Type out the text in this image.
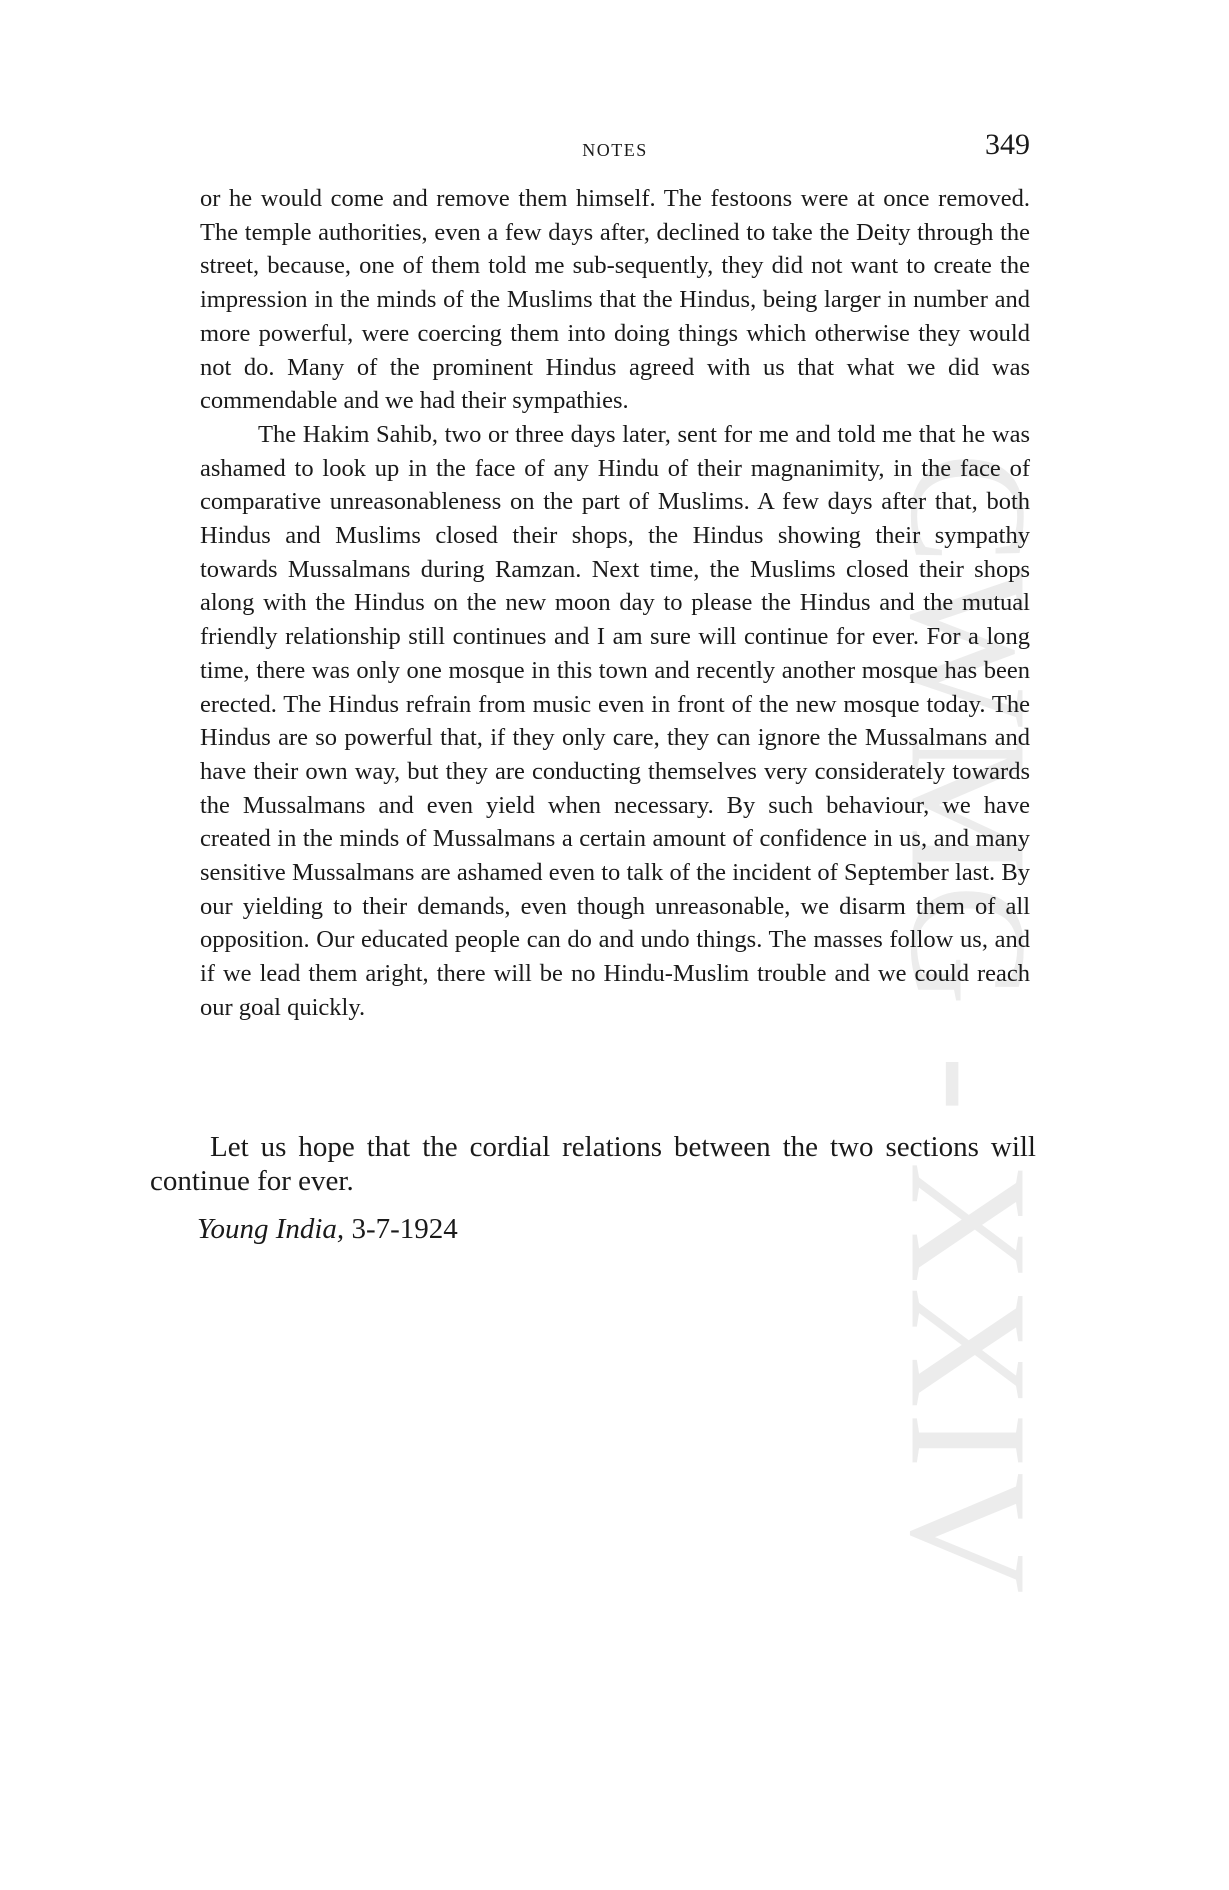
CWMG - XXIV
NOTES	349

or he would come and remove them himself. The festoons were at once removed. The temple authorities, even a few days after, declined to take the Deity through the street, because, one of them told me sub-sequently, they did not want to create the impression in the minds of the Muslims that the Hindus, being larger in number and more powerful, were coercing them into doing things which otherwise they would not do. Many of the prominent Hindus agreed with us that what we did was commendable and we had their sympathies.

The Hakim Sahib, two or three days later, sent for me and told me that he was ashamed to look up in the face of any Hindu of their magnanimity, in the face of comparative unreasonableness on the part of Muslims. A few days after that, both Hindus and Muslims closed their shops, the Hindus showing their sympathy towards Mussalmans during Ramzan. Next time, the Muslims closed their shops along with the Hindus on the new moon day to please the Hindus and the mutual friendly relationship still continues and I am sure will continue for ever. For a long time, there was only one mosque in this town and recently another mosque has been erected. The Hindus refrain from music even in front of the new mosque today. The Hindus are so powerful that, if they only care, they can ignore the Mussalmans and have their own way, but they are conducting themselves very considerately towards the Mussalmans and even yield when necessary. By such behaviour, we have created in the minds of Mussalmans a certain amount of confidence in us, and many sensitive Mussalmans are ashamed even to talk of the incident of September last. By our yielding to their demands, even though unreasonable, we disarm them of all opposition. Our educated people can do and undo things. The masses follow us, and if we lead them aright, there will be no Hindu-Muslim trouble and we could reach our goal quickly.

Let us hope that the cordial relations between the two sections will continue for ever.

Young India, 3-7-1924
